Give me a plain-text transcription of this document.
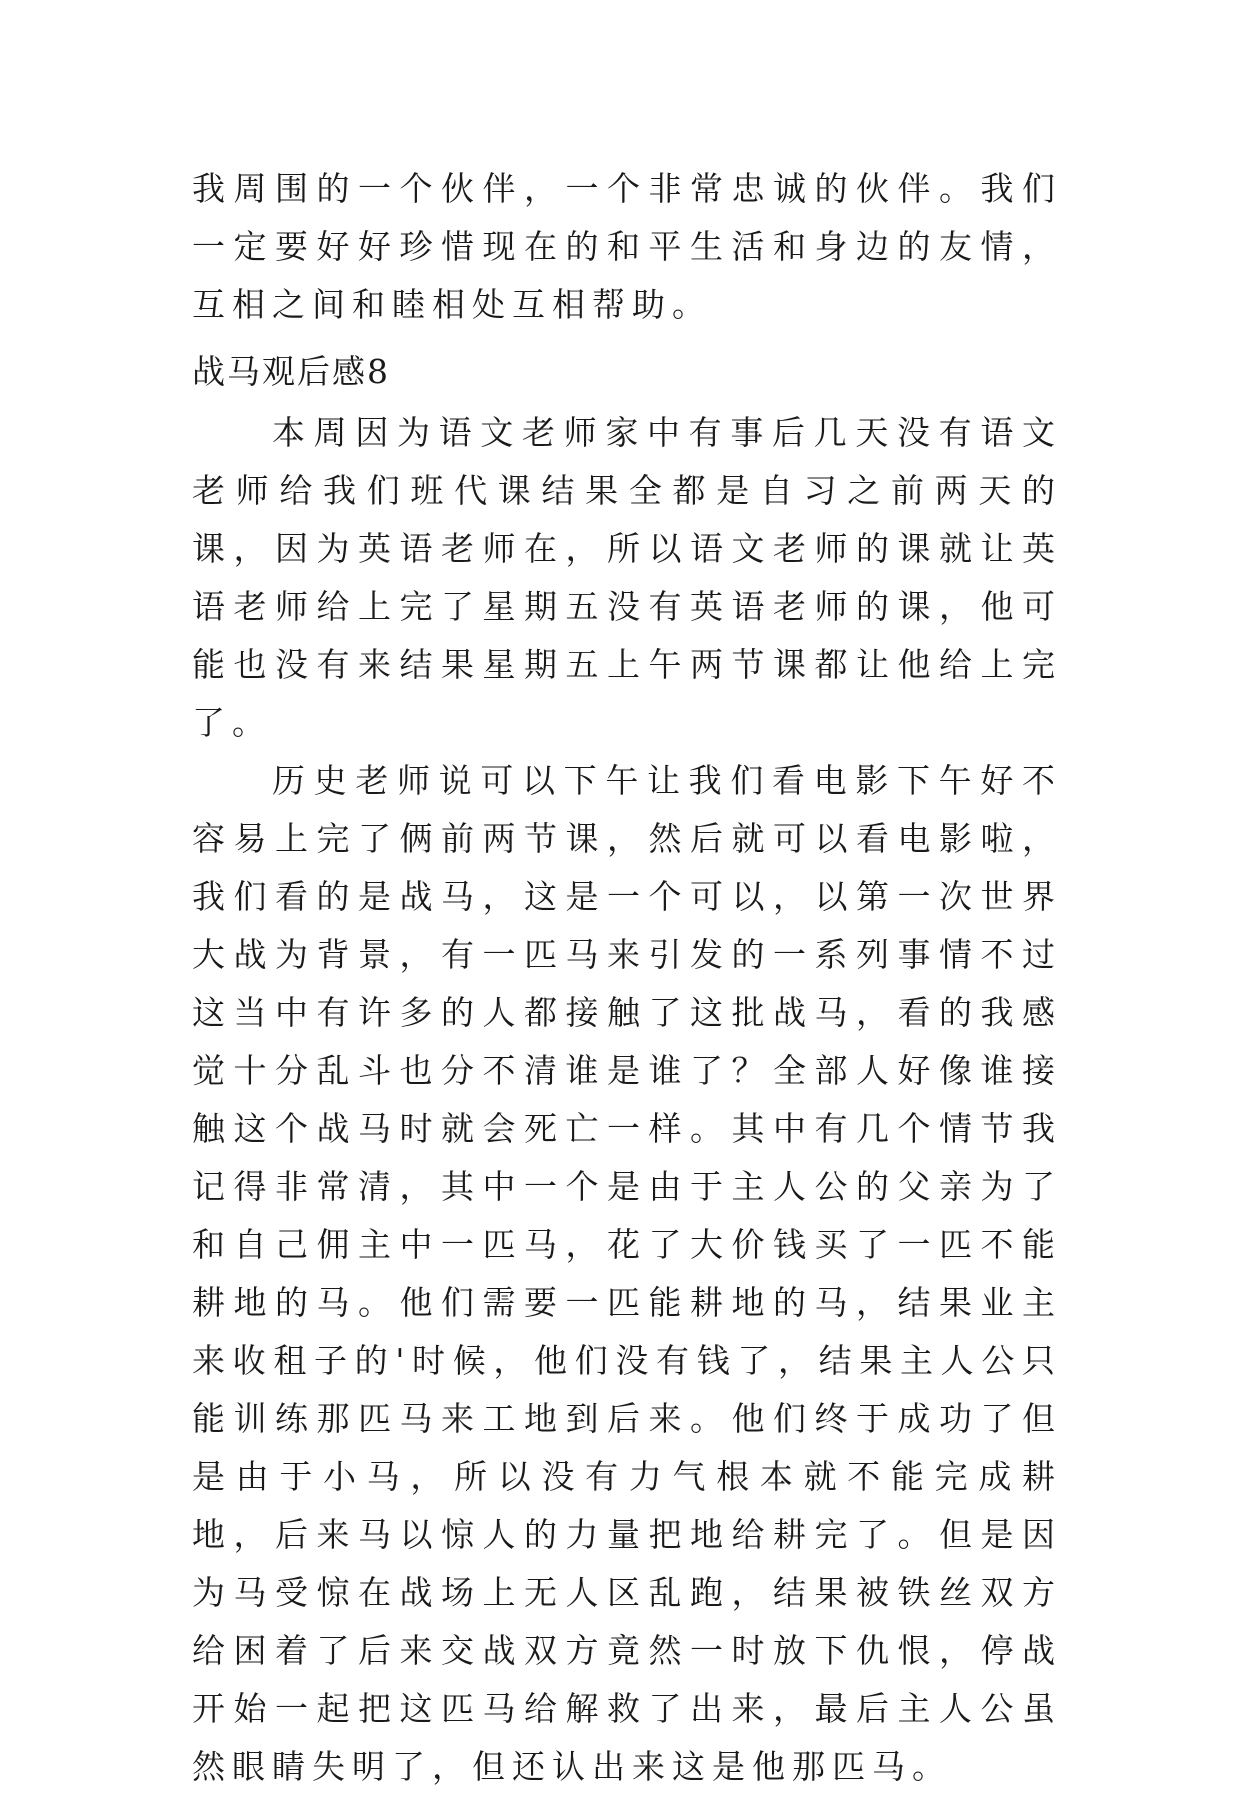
我周围的一个伙伴，一个非常忠诚的伙伴。我们一定要好好珍惜现在的和平生活和身边的友情，互相之间和睦相处互相帮助。

战马观后感8

本周因为语文老师家中有事后几天没有语文老师给我们班代课结果全都是自习之前两天的课，因为英语老师在，所以语文老师的课就让英语老师给上完了星期五没有英语老师的课，他可能也没有来结果星期五上午两节课都让他给上完了。

历史老师说可以下午让我们看电影下午好不容易上完了俩前两节课，然后就可以看电影啦，我们看的是战马，这是一个可以，以第一次世界大战为背景，有一匹马来引发的一系列事情不过这当中有许多的人都接触了这批战马，看的我感觉十分乱斗也分不清谁是谁了？全部人好像谁接触这个战马时就会死亡一样。其中有几个情节我记得非常清，其中一个是由于主人公的父亲为了和自己佣主中一匹马，花了大价钱买了一匹不能耕地的马。他们需要一匹能耕地的马，结果业主来收租子的'时候，他们没有钱了，结果主人公只能训练那匹马来工地到后来。他们终于成功了但是由于小马，所以没有力气根本就不能完成耕地，后来马以惊人的力量把地给耕完了。但是因为马受惊在战场上无人区乱跑，结果被铁丝双方给困着了后来交战双方竟然一时放下仇恨，停战开始一起把这匹马给解救了出来，最后主人公虽然眼睛失明了，但还认出来这是他那匹马。
